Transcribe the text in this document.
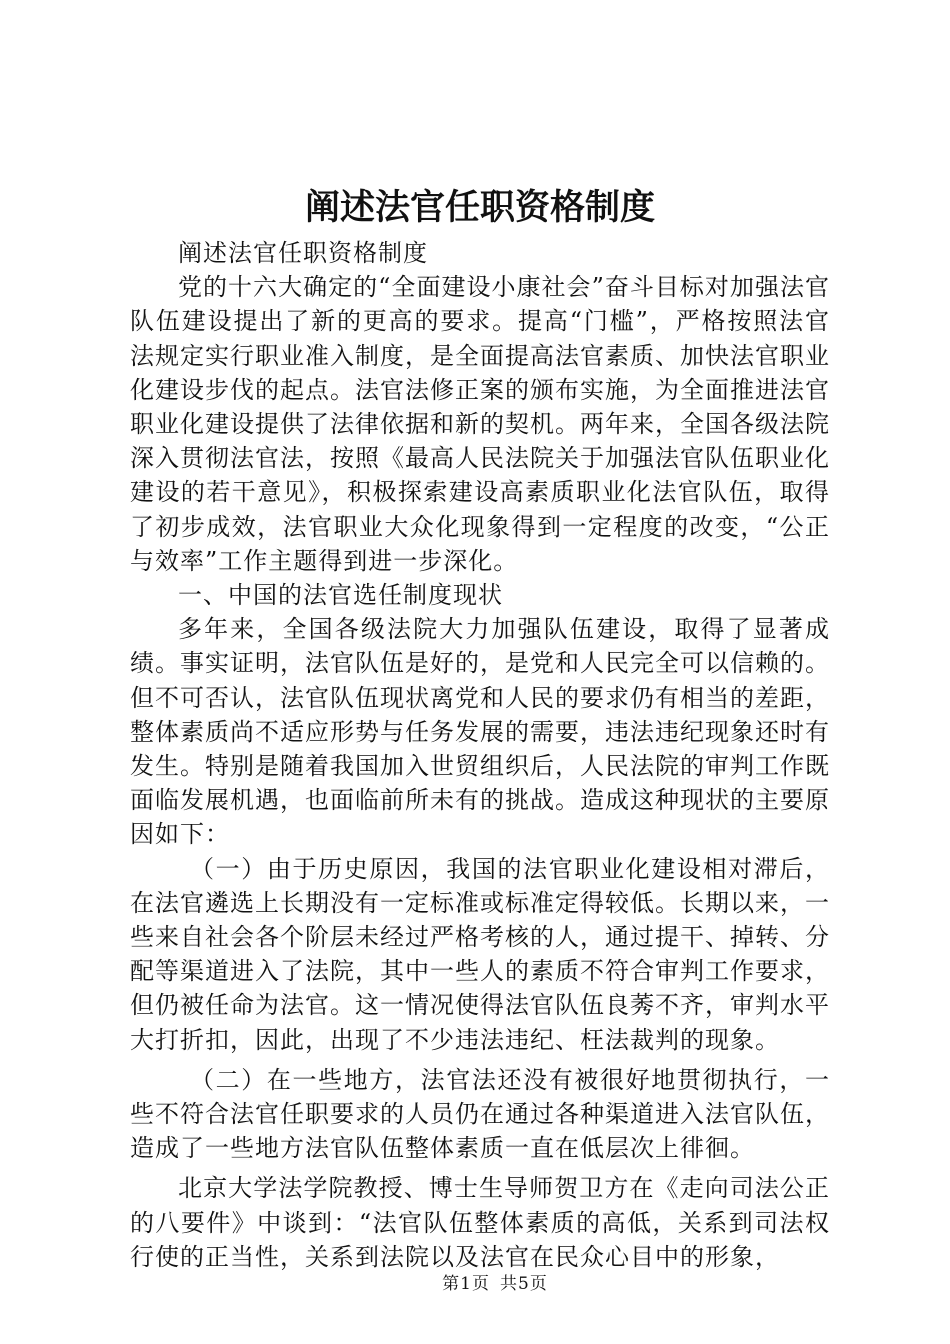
阐述法官任职资格制度

阐述法官任职资格制度

党的十六大确定的“全面建设小康社会”奋斗目标对加强法官队伍建设提出了新的更高的要求。提高“门槛”，严格按照法官法规定实行职业准入制度，是全面提高法官素质、加快法官职业化建设步伐的起点。法官法修正案的颁布实施，为全面推进法官职业化建设提供了法律依据和新的契机。两年来，全国各级法院深入贯彻法官法，按照《最高人民法院关于加强法官队伍职业化建设的若干意见》，积极探索建设高素质职业化法官队伍，取得了初步成效，法官职业大众化现象得到一定程度的改变，“公正与效率”工作主题得到进一步深化。

一、中国的法官选任制度现状

多年来，全国各级法院大力加强队伍建设，取得了显著成绩。事实证明，法官队伍是好的，是党和人民完全可以信赖的。但不可否认，法官队伍现状离党和人民的要求仍有相当的差距，整体素质尚不适应形势与任务发展的需要，违法违纪现象还时有发生。特别是随着我国加入世贸组织后，人民法院的审判工作既面临发展机遇，也面临前所未有的挑战。造成这种现状的主要原因如下：

（一）由于历史原因，我国的法官职业化建设相对滞后，在法官遴选上长期没有一定标准或标准定得较低。长期以来，一些来自社会各个阶层未经过严格考核的人，通过提干、掉转、分配等渠道进入了法院，其中一些人的素质不符合审判工作要求，但仍被任命为法官。这一情况使得法官队伍良莠不齐，审判水平大打折扣，因此，出现了不少违法违纪、枉法裁判的现象。

（二）在一些地方，法官法还没有被很好地贯彻执行，一些不符合法官任职要求的人员仍在通过各种渠道进入法官队伍，造成了一些地方法官队伍整体素质一直在低层次上徘徊。

北京大学法学院教授、博士生导师贺卫方在《走向司法公正的八要件》中谈到：“法官队伍整体素质的高低，关系到司法权行使的正当性，关系到法院以及法官在民众心目中的形象，

第1页 共5页
